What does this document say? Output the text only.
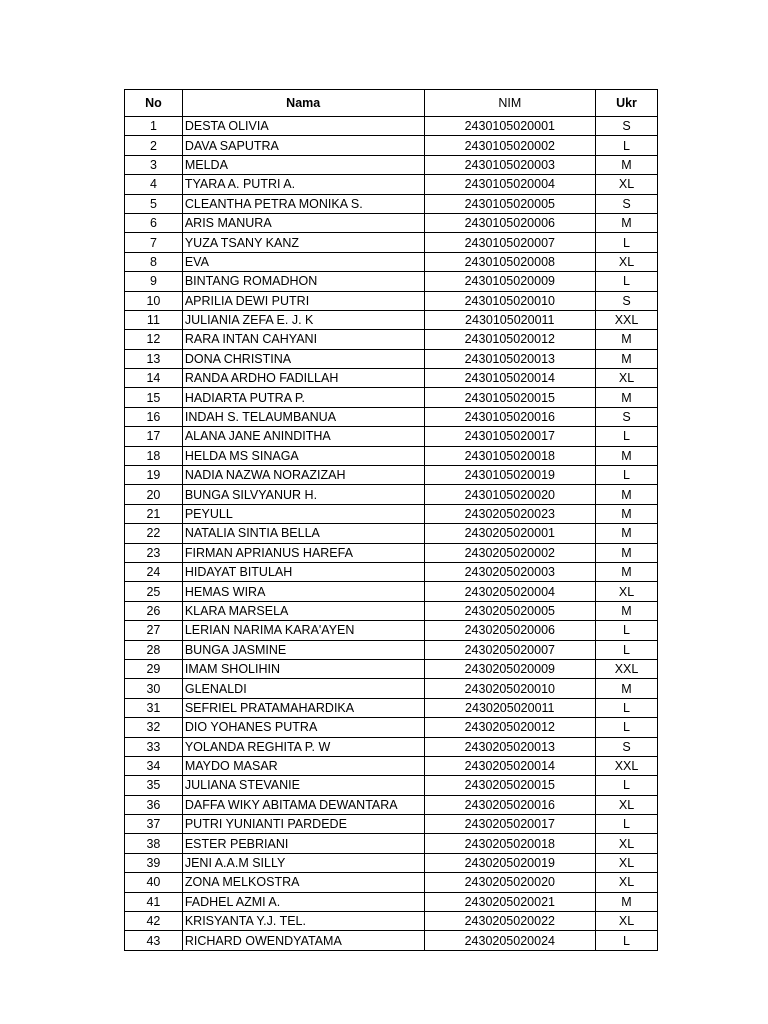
No	Nama	NIM	Ukr
1	DESTA OLIVIA	2430105020001	S
2	DAVA SAPUTRA	2430105020002	L
3	MELDA	2430105020003	M
4	TYARA A. PUTRI A.	2430105020004	XL
5	CLEANTHA PETRA MONIKA S.	2430105020005	S
6	ARIS MANURA	2430105020006	M
7	YUZA TSANY KANZ	2430105020007	L
8	EVA	2430105020008	XL
9	BINTANG ROMADHON	2430105020009	L
10	APRILIA DEWI PUTRI	2430105020010	S
11	JULIANIA ZEFA E. J. K	2430105020011	XXL
12	RARA INTAN CAHYANI	2430105020012	M
13	DONA CHRISTINA	2430105020013	M
14	RANDA ARDHO FADILLAH	2430105020014	XL
15	HADIARTA PUTRA P.	2430105020015	M
16	INDAH S. TELAUMBANUA	2430105020016	S
17	ALANA JANE ANINDITHA	2430105020017	L
18	HELDA MS SINAGA	2430105020018	M
19	NADIA NAZWA NORAZIZAH	2430105020019	L
20	BUNGA SILVYANUR H.	2430105020020	M
21	PEYULL	2430205020023	M
22	NATALIA SINTIA BELLA	2430205020001	M
23	FIRMAN APRIANUS HAREFA	2430205020002	M
24	HIDAYAT BITULAH	2430205020003	M
25	HEMAS WIRA	2430205020004	XL
26	KLARA MARSELA	2430205020005	M
27	LERIAN NARIMA KARA'AYEN	2430205020006	L
28	BUNGA JASMINE	2430205020007	L
29	IMAM SHOLIHIN	2430205020009	XXL
30	GLENALDI	2430205020010	M
31	SEFRIEL PRATAMAHARDIKA	2430205020011	L
32	DIO YOHANES PUTRA	2430205020012	L
33	YOLANDA REGHITA P. W	2430205020013	S
34	MAYDO MASAR	2430205020014	XXL
35	JULIANA STEVANIE	2430205020015	L
36	DAFFA WIKY ABITAMA DEWANTARA	2430205020016	XL
37	PUTRI YUNIANTI PARDEDE	2430205020017	L
38	ESTER PEBRIANI	2430205020018	XL
39	JENI A.A.M SILLY	2430205020019	XL
40	ZONA MELKOSTRA	2430205020020	XL
41	FADHEL AZMI A.	2430205020021	M
42	KRISYANTA Y.J. TEL.	2430205020022	XL
43	RICHARD OWENDYATAMA	2430205020024	L
